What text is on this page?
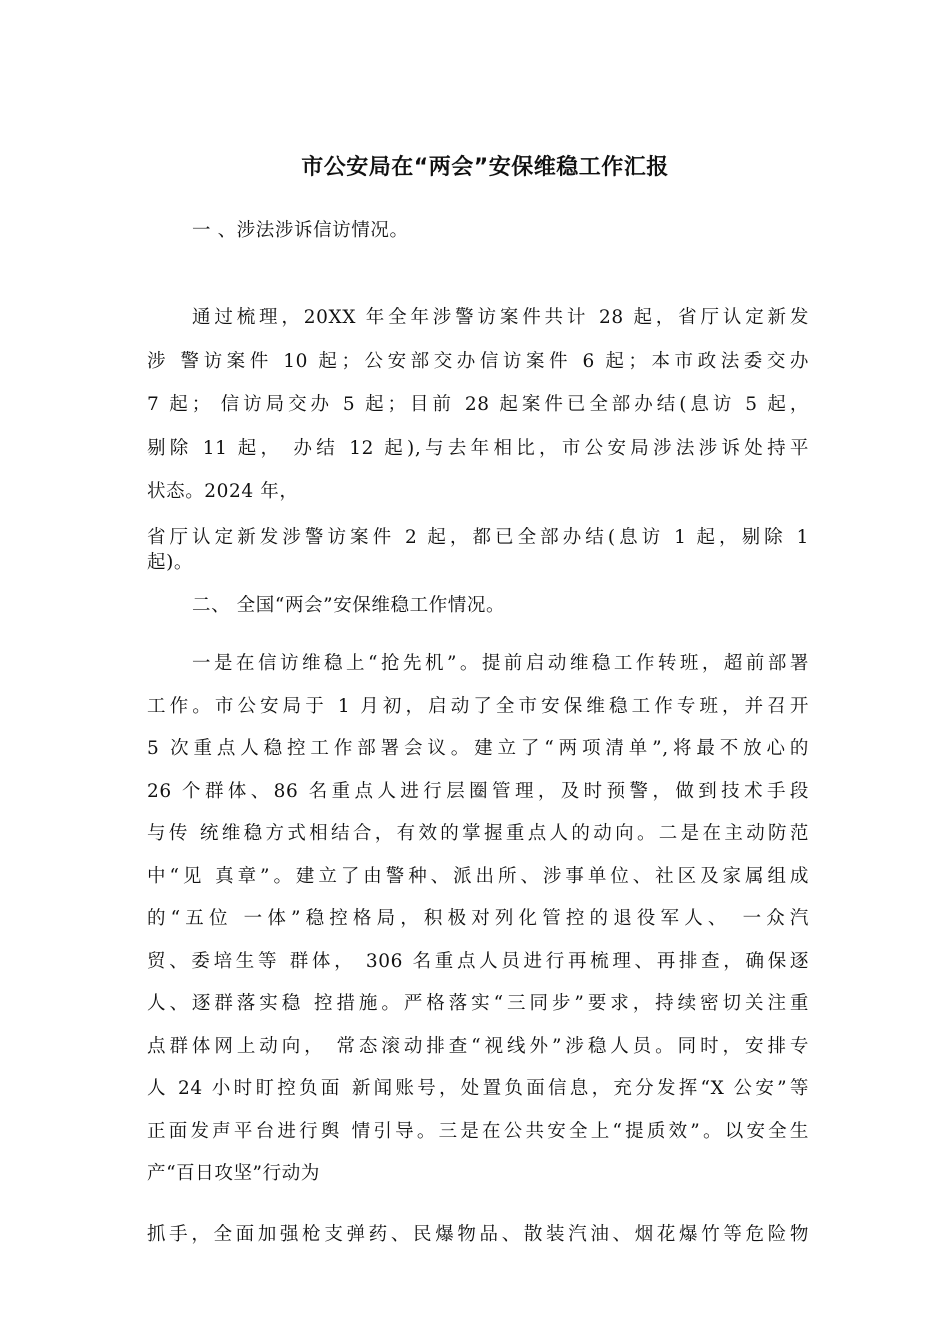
市公安局在“两会”安保维稳工作汇报

一 、涉法涉诉信访情况。

通过梳理，20XX 年全年涉警访案件共计 28 起，省厅认定新发
涉 警访案件 10 起；公安部交办信访案件 6 起；本市政法委交办
7 起； 信访局交办 5 起；目前 28 起案件已全部办结(息访 5 起，
剔除 11 起， 办结 12 起),与去年相比，市公安局涉法涉诉处持平
状态。2024 年，
省厅认定新发涉警访案件 2 起，都已全部办结(息访 1 起，剔除 1
起)。

二、 全国“两会”安保维稳工作情况。

一是在信访维稳上“抢先机”。提前启动维稳工作转班，超前部署
工作。市公安局于 1 月初，启动了全市安保维稳工作专班，并召开
5 次重点人稳控工作部署会议。建立了“两项清单”,将最不放心的
26 个群体、86 名重点人进行层圈管理，及时预警，做到技术手段
与传 统维稳方式相结合，有效的掌握重点人的动向。二是在主动防范
中“见 真章”。建立了由警种、派出所、涉事单位、社区及家属组成
的“五位 一体”稳控格局，积极对列化管控的退役军人、 一众汽
贸、委培生等 群体， 306 名重点人员进行再梳理、再排查，确保逐
人、逐群落实稳 控措施。严格落实“三同步”要求，持续密切关注重
点群体网上动向， 常态滚动排查“视线外”涉稳人员。同时，安排专
人 24 小时盯控负面 新闻账号，处置负面信息，充分发挥“X 公安”等
正面发声平台进行舆 情引导。三是在公共安全上“提质效”。以安全生
产“百日攻坚”行动为
抓手，全面加强枪支弹药、民爆物品、散装汽油、烟花爆竹等危险物
